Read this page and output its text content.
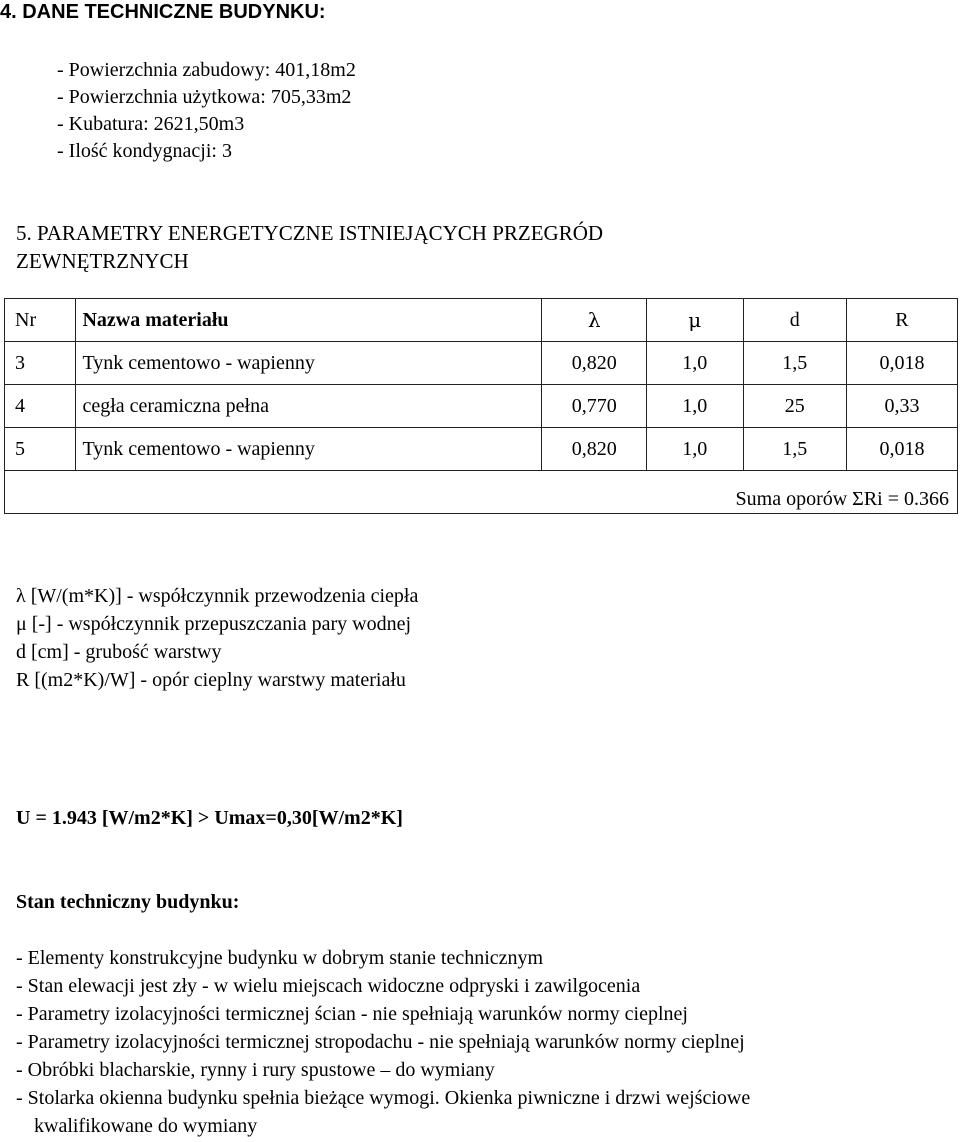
4. DANE TECHNICZNE BUDYNKU:
- Powierzchnia zabudowy: 401,18m2
- Powierzchnia użytkowa: 705,33m2
- Kubatura: 2621,50m3
- Ilość kondygnacji: 3
5. PARAMETRY ENERGETYCZNE ISTNIEJĄCYCH PRZEGRÓD
ZEWNĘTRZNYCH
Nr	Nazwa materiału	λ	μ	d	R
3	Tynk cementowo - wapienny	0,820	1,0	1,5	0,018
4	cegła ceramiczna pełna	0,770	1,0	25	0,33
5	Tynk cementowo - wapienny	0,820	1,0	1,5	0,018
Suma oporów ΣRi = 0.366					
λ [W/(m*K)] - współczynnik przewodzenia ciepła
μ [-] - współczynnik przepuszczania pary wodnej
d [cm] - grubość warstwy
R [(m2*K)/W] - opór cieplny warstwy materiału
U = 1.943 [W/m2*K] > Umax=0,30[W/m2*K]
Stan techniczny budynku:
- Elementy konstrukcyjne budynku w dobrym stanie technicznym
- Stan elewacji jest zły - w wielu miejscach widoczne odpryski i zawilgocenia
- Parametry izolacyjności termicznej ścian - nie spełniają warunków normy cieplnej
- Parametry izolacyjności termicznej stropodachu - nie spełniają warunków normy cieplnej
- Obróbki blacharskie, rynny i rury spustowe – do wymiany
- Stolarka okienna budynku spełnia bieżące wymogi. Okienka piwniczne i drzwi wejściowe
kwalifikowane do wymiany
